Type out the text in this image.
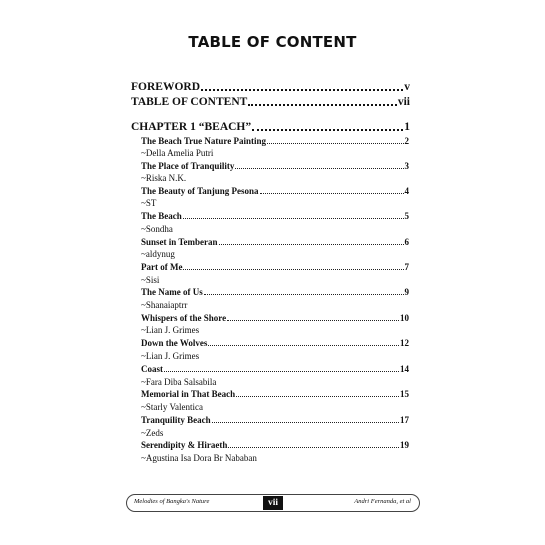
TABLE OF CONTENT
FOREWORD	v
TABLE OF CONTENT	vii
CHAPTER 1 “BEACH”	1
The Beach True Nature Painting	2
~Della Amelia Putri
The Place of Tranquility	3
~Riska N.K.
The Beauty of Tanjung Pesona	4
~ST
The Beach	5
~Sondha
Sunset in Temberan	6
~aldynug
Part of Me	7
~Sisi
The Name of Us	9
~Shanaiaptrr
Whispers of the Shore	10
~Lian J. Grimes
Down the Wolves	12
~Lian J. Grimes
Coast	14
~Fara Diba Salsabila
Memorial in That Beach	15
~Starly Valentica
Tranquility Beach	17
~Zeds
Serendipity & Hiraeth	19
~Agustina Isa Dora Br Nababan
Melodies of Bangka's Nature	vii	Andri Fernanda, et al
